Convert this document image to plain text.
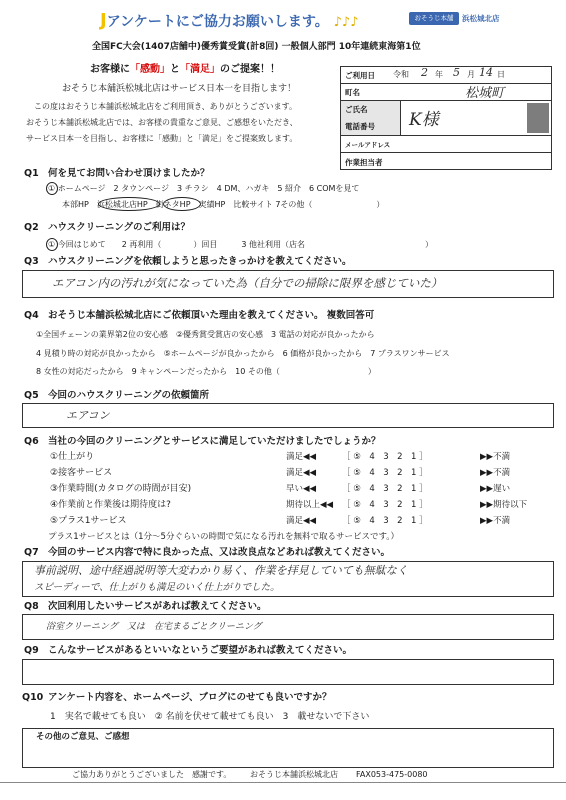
Jアンケートにご協力お願いします。 ♪♪♪	おそうじ本舗	浜松城北店
全国FC大会(1407店舗中)優秀賞受賞(計8回) 一般個人部門 10年連続東海第1位
お客様に「感動」と「満足」のご提案！！
おそうじ本舗浜松城北店はサービス日本一を目指します！
この度はおそうじ本舗浜松城北店をご利用頂き、ありがとうございます。
おそうじ本舗浜松城北店では、お客様の貴重なご意見、ご感想をいただき、
サービス日本一を目指し、お客様に「感動」と「満足」をご提案致します。
ご利用日 令和 2 年 5 月 14 日
町名	松城町
ご氏名
K様
電話番号
メールアドレス
作業担当者
Q1 何を見てお問い合わせ頂けましたか？
① ホームページ　2 タウンページ　3 チラシ　4 DM、ハガキ　5 紹介　6 COMを見て
本部HP　浜松城北店HP　街ネタHP　実績HP　比較サイト 7その他（　　　　　　　　）
Q2 ハウスクリーニングのご利用は？
① 今回はじめて　　2 再利用（　　　　）回目　　　3 他社利用（店名　　　　　　　　　　　　　　　）
Q3 ハウスクリーニングを依頼しようと思ったきっかけを教えてください。
エアコン内の汚れが気になっていた為（自分での掃除に限界を感じていた）
Q4 おそうじ本舗浜松城北店にご依頼頂いた理由を教えてください。 複数回答可
①全国チェーンの業界第2位の安心感　②優秀賞受賞店の安心感　3 電話の対応が良かったから
4 見積り時の対応が良かったから　⑤ホームページが良かったから　6 価格が良かったから　7 プラスワンサービス
8 女性の対応だったから　9 キャンペーンだったから　10 その他（　　　　　　　　　　　）
Q5 今回のハウスクリーニングの依頼箇所
エアコン
Q6 当社の今回のクリーニングとサービスに満足していただけましたでしょうか？
①仕上がり	満足◀◀	［ ⑤　4　3　2　1 ］	▶▶不満
②接客サービス	満足◀◀	［ ⑤　4　3　2　1 ］	▶▶不満
③作業時間(カタログの時間が目安)	早い◀◀	［ ⑤　4　3　2　1 ］	▶▶遅い
④作業前と作業後は期待度は?	期待以上◀◀ ［ ⑤　4　3　2　1 ］	▶▶期待以下
⑤プラス1サービス	満足◀◀	［ ⑤　4　3　2　1 ］	▶▶不満
プラス1サービスとは（1分～5分ぐらいの時間で気になる汚れを無料で取るサービスです。）
Q7 今回のサービス内容で特に良かった点、又は改良点などあれば教えてください。
事前説明、途中経過説明等大変わかり易く、作業を拝見していても無駄なく
スピーディーで、仕上がりも満足のいく仕上がりでした。
Q8 次回利用したいサービスがあれば教えてください。
浴室クリーニング　又は　在宅まるごとクリーニング
Q9 こんなサービスがあるといいなというご要望があれば教えてください。
Q10 アンケート内容を、ホームページ、ブログにのせても良いですか？
1　実名で載せても良い　② 名前を伏せて載せても良い　3　載せないで下さい
その他のご意見、ご感想
ご協力ありがとうございました　感謝です。 おそうじ本舗浜松城北店 FAX053-475-0080
